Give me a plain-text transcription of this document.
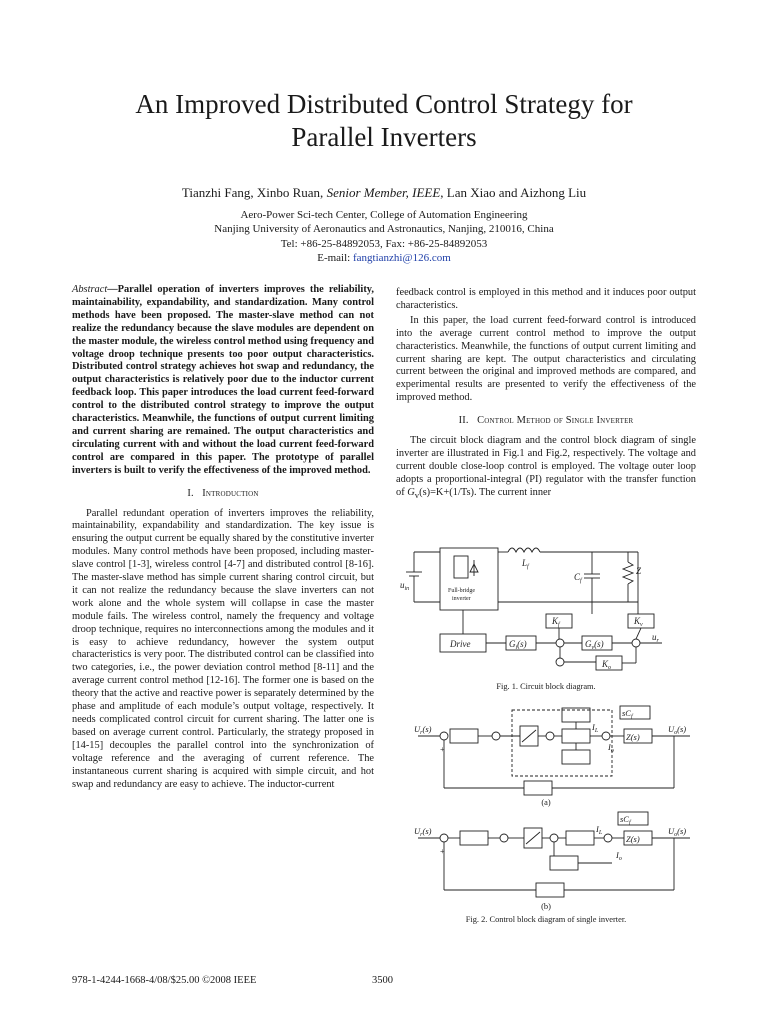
An Improved Distributed Control Strategy for
Parallel Inverters
Tianzhi Fang, Xinbo Ruan, Senior Member, IEEE, Lan Xiao and Aizhong Liu
Aero-Power Sci-tech Center, College of Automation Engineering
Nanjing University of Aeronautics and Astronautics, Nanjing, 210016, China
Tel: +86-25-84892053, Fax: +86-25-84892053
E-mail: fangtianzhi@126.com

Abstract—Parallel operation of inverters improves the reliability, maintainability, expandability, and standardization. Many control methods have been proposed. The master-slave method can not realize the redundancy because the slave modules are dependent on the master module, the wireless control method using frequency and voltage droop technique presents too poor output characteristics. Distributed control strategy achieves hot swap and redundancy, the output characteristics is relatively poor due to the inductor current feedback loop. This paper introduces the load current feed-forward control to the distributed control strategy to improve the output characteristics. Meanwhile, the functions of output current limiting and current sharing are remained. The output characteristics and circulating current with and without the load current feed-forward control are compared in this paper. The prototype of parallel inverters is built to verify the effectiveness of the improved method.

I. Introduction

Parallel redundant operation of inverters improves the reliability, maintainability, expandability and standardization. The key issue is ensuring the output current be equally shared by the constitutive inverter modules. Many control methods have been proposed, including master-slave control [1-3], wireless control [4-7] and distributed control [8-16]. The master-slave method has simple current sharing control circuit, but it can not realize the redundancy because the slave inverters can not work alone and the whole system will collapse in case the master module fails. The wireless control, namely the frequency and voltage droop technique, requires no interconnections among the modules and it is easy to achieve redundancy, however the system output characteristics is very poor. The distributed control can be classified into two categories, i.e., the power deviation control method [8-11] and the average current control method [12-16]. The former one is based on the theory that the active and reactive power is separately determined by the phase and amplitude of each module’s output voltage, respectively. It needs complicated control circuit for current sharing. The latter one is based on average current control. Particularly, the strategy proposed in [14-15] decouples the parallel control into the synchronization of voltage reference and the averaging of current reference. The instantaneous current sharing is acquired with simple circuit, and hot swap and redundancy are easy to achieve. The inductor-current

feedback control is employed in this method and it induces poor output characteristics.

In this paper, the load current feed-forward control is introduced into the average current control method to improve the output characteristics. Meanwhile, the functions of output current limiting and current sharing are kept. The output characteristics and circulating current between the original and improved methods are compared, and experimental results are presented to verify the effectiveness of the improved method.

II. Control Method of Single Inverter

The circuit block diagram and the control block diagram of single inverter are illustrated in Fig.1 and Fig.2, respectively. The voltage and current double close-loop control is employed. The voltage outer loop adopts a proportional-integral (PI) regulator with the transfer function of $G_v(s)=K+(1/Ts)$. The current inner

$u_{in}$	Full-bridge
inverter
$L_f$
$C_f$
Z
$K_f$	$K_v$
Drive	$G_i(s)$	$G_v(s)$
$K_o$
$u_r$
Fig. 1. Circuit block diagram.
$U_r(s)$	$U_o(s)$
$sC_f$
Z(s)
$I_o$
$I_L$
+
(a)
$U_r(s)$	$U_o(s)$
$sC_f$
Z(s)
$I_o$
$I_L$
+
(b)
Fig. 2. Control block diagram of single inverter.
978-1-4244-1668-4/08/$25.00 ©2008 IEEE	3500
